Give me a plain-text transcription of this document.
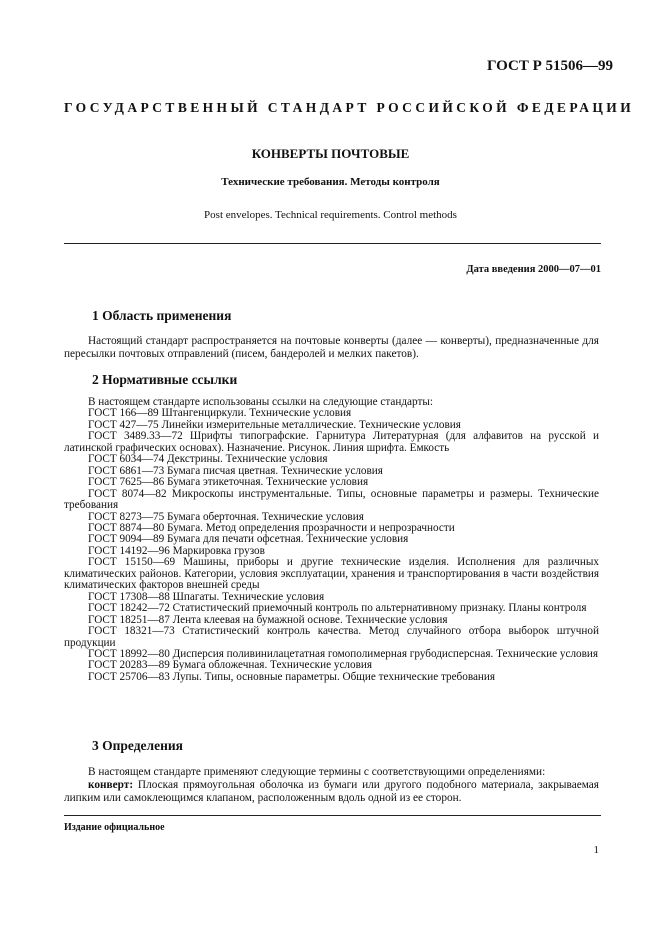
ГОСТ Р 51506—99
ГОСУДАРСТВЕННЫЙ СТАНДАРТ РОССИЙСКОЙ ФЕДЕРАЦИИ
КОНВЕРТЫ ПОЧТОВЫЕ
Технические требования. Методы контроля
Post envelopes. Technical requirements. Control methods
Дата введения 2000—07—01
1 Область применения

Настоящий стандарт распространяется на почтовые конверты (далее — конверты), предназначенные для пересылки почтовых отправлений (писем, бандеролей и мелких пакетов).

2 Нормативные ссылки

В настоящем стандарте использованы ссылки на следующие стандарты:

ГОСТ 166—89 Штангенциркули. Технические условия

ГОСТ 427—75 Линейки измерительные металлические. Технические условия

ГОСТ 3489.33—72 Шрифты типографские. Гарнитура Литературная (для алфавитов на русской и латинской графических основах). Назначение. Рисунок. Линия шрифта. Емкость

ГОСТ 6034—74 Декстрины. Технические условия

ГОСТ 6861—73 Бумага писчая цветная. Технические условия

ГОСТ 7625—86 Бумага этикеточная. Технические условия

ГОСТ 8074—82 Микроскопы инструментальные. Типы, основные параметры и размеры. Технические требования

ГОСТ 8273—75 Бумага оберточная. Технические условия

ГОСТ 8874—80 Бумага. Метод определения прозрачности и непрозрачности

ГОСТ 9094—89 Бумага для печати офсетная. Технические условия

ГОСТ 14192—96 Маркировка грузов

ГОСТ 15150—69 Машины, приборы и другие технические изделия. Исполнения для различных климатических районов. Категории, условия эксплуатации, хранения и транспортирования в части воздействия климатических факторов внешней среды

ГОСТ 17308—88 Шпагаты. Технические условия

ГОСТ 18242—72 Статистический приемочный контроль по альтернативному признаку. Планы контроля

ГОСТ 18251—87 Лента клеевая на бумажной основе. Технические условия

ГОСТ 18321—73 Статистический контроль качества. Метод случайного отбора выборок штучной продукции

ГОСТ 18992—80 Дисперсия поливинилацетатная гомополимерная грубодисперсная. Технические условия

ГОСТ 20283—89 Бумага обложечная. Технические условия

ГОСТ 25706—83 Лупы. Типы, основные параметры. Общие технические требования

3 Определения

В настоящем стандарте применяют следующие термины с соответствующими определениями:

конверт: Плоская прямоугольная оболочка из бумаги или другого подобного материала, закрываемая липким или самоклеющимся клапаном, расположенным вдоль одной из ее сторон.

Издание официальное
1
